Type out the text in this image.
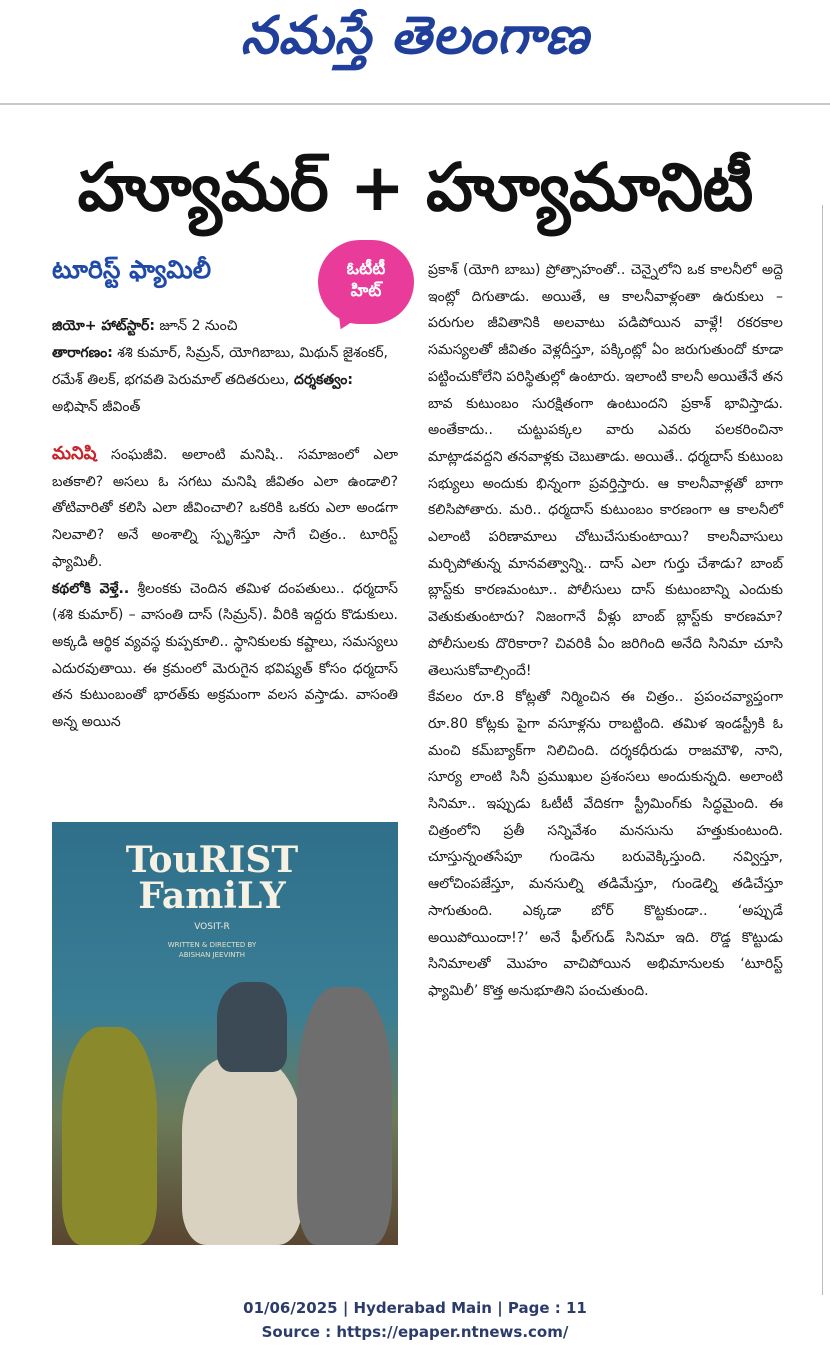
నమస్తే తెలంగాణ
హ్యూమర్ + హ్యూమానిటీ
టూరిస్ట్ ఫ్యామిలీ	ఓటీటీ
హిట్
జియో+ హాట్‌స్టార్: జూన్ 2 నుంచి
తారాగణం: శశి కుమార్, సిమ్రన్, యోగిబాబు, మిథున్ జైశంకర్, రమేశ్ తిలక్, భగవతి పెరుమాల్ తదితరులు, దర్శకత్వం: అభిషాన్ జీవింత్

మనిషి సంఘజీవి. అలాంటి మనిషి.. సమాజంలో ఎలా బతకాలి? అసలు ఓ సగటు మనిషి జీవితం ఎలా ఉండాలి? తోటివారితో కలిసి ఎలా జీవించాలి? ఒకరికి ఒకరు ఎలా అండగా నిలవాలి? అనే అంశాల్ని స్పృశిస్తూ సాగే చిత్రం.. టూరిస్ట్ ఫ్యామిలీ.

కథలోకి వెళ్తే.. శ్రీలంకకు చెందిన తమిళ దంపతులు.. ధర్మదాస్ (శశి కుమార్) – వాసంతి దాస్ (సిమ్రన్). వీరికి ఇద్దరు కొడుకులు. అక్కడి ఆర్థిక వ్యవస్థ కుప్పకూలి.. స్థానికులకు కష్టాలు, సమస్యలు ఎదురవుతాయి. ఈ క్రమంలో మెరుగైన భవిష్యత్ కోసం ధర్మదాస్ తన కుటుంబంతో భారత్‌కు అక్రమంగా వలస వస్తాడు. వాసంతి అన్న అయిన

TouRIST
FamiLY
VOSIT-R
WRITTEN & DIRECTED BY
ABISHAN JEEVINTH

ప్రకాశ్ (యోగి బాబు) ప్రోత్సాహంతో.. చెన్నైలోని ఒక కాలనీలో అద్దె ఇంట్లో దిగుతాడు. అయితే, ఆ కాలనీవాళ్లంతా ఉరుకులు – పరుగుల జీవితానికి అలవాటు పడిపోయిన వాళ్లే! రకరకాల సమస్యలతో జీవితం వెళ్లదీస్తూ, పక్కింట్లో ఏం జరుగుతుందో కూడా పట్టించుకోలేని పరిస్థితుల్లో ఉంటారు. ఇలాంటి కాలనీ అయితేనే తన బావ కుటుంబం సురక్షితంగా ఉంటుందని ప్రకాశ్ భావిస్తాడు. అంతేకాదు.. చుట్టుపక్కల వారు ఎవరు పలకరించినా మాట్లాడవద్దని తనవాళ్లకు చెబుతాడు. అయితే.. ధర్మదాస్ కుటుంబ సభ్యులు అందుకు భిన్నంగా ప్రవర్తిస్తారు. ఆ కాలనీవాళ్లతో బాగా కలిసిపోతారు. మరి.. ధర్మదాస్ కుటుంబం కారణంగా ఆ కాలనీలో ఎలాంటి పరిణామాలు చోటుచేసుకుంటాయి? కాలనీవాసులు మర్చిపోతున్న మానవత్వాన్ని.. దాస్ ఎలా గుర్తు చేశాడు? బాంబ్ బ్లాస్ట్‌కు కారణమంటూ.. పోలీసులు దాస్ కుటుంబాన్ని ఎందుకు వెతుకుతుంటారు? నిజంగానే వీళ్లు బాంబ్ బ్లాస్ట్‌కు కారణమా? పోలీసులకు దొరికారా? చివరికి ఏం జరిగింది అనేది సినిమా చూసి తెలుసుకోవాల్సిందే!

కేవలం రూ.8 కోట్లతో నిర్మించిన ఈ చిత్రం.. ప్రపంచవ్యాప్తంగా రూ.80 కోట్లకు పైగా వసూళ్లను రాబట్టింది. తమిళ ఇండస్ట్రీకి ఓ మంచి కమ్‌బ్యాక్‌గా నిలిచింది. దర్శకధీరుడు రాజమౌళి, నాని, సూర్య లాంటి సినీ ప్రముఖుల ప్రశంసలు అందుకున్నది. అలాంటి సినిమా.. ఇప్పుడు ఓటీటీ వేదికగా స్ట్రీమింగ్‌కు సిద్ధమైంది. ఈ చిత్రంలోని ప్రతీ సన్నివేశం మనసును హత్తుకుంటుంది. చూస్తున్నంతసేపూ గుండెను బరువెక్కిస్తుంది. నవ్విస్తూ, ఆలోచింపజేస్తూ, మనసుల్ని తడిమేస్తూ, గుండెల్ని తడిచేస్తూ సాగుతుంది. ఎక్కడా బోర్ కొట్టకుండా.. ‘అప్పుడే అయిపోయిందా!?’ అనే ఫీల్‌గుడ్ సినిమా ఇది. రొడ్డ కొట్టుడు సినిమాలతో మొహం వాచిపోయిన అభిమానులకు ‘టూరిస్ట్ ఫ్యామిలీ’ కొత్త అనుభూతిని పంచుతుంది.

01/06/2025 | Hyderabad Main | Page : 11
Source : https://epaper.ntnews.com/
